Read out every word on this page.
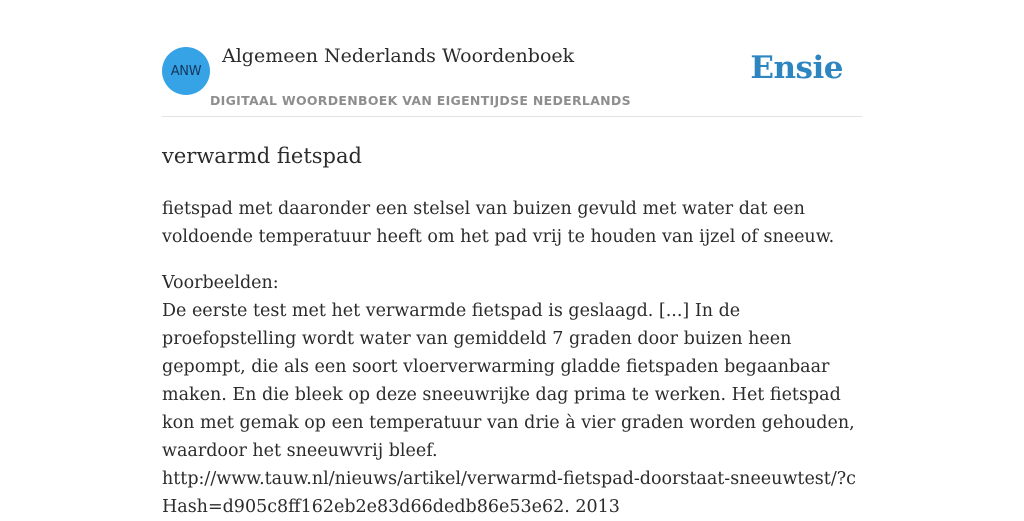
ANW
Algemeen Nederlands Woordenboek
DIGITAAL WOORDENBOEK VAN EIGENTIJDSE NEDERLANDS
Ensie
verwarmd fietspad

fietspad met daaronder een stelsel van buizen gevuld met water dat een voldoende temperatuur heeft om het pad vrij te houden van ijzel of sneeuw.

Voorbeelden:
De eerste test met het verwarmde fietspad is geslaagd. [...] In de proefopstelling wordt water van gemiddeld 7 graden door buizen heen gepompt, die als een soort vloerverwarming gladde fietspaden begaanbaar maken. En die bleek op deze sneeuwrijke dag prima te werken. Het fietspad kon met gemak op een temperatuur van drie à vier graden worden gehouden, waardoor het sneeuwvrij bleef.
http://www.tauw.nl/nieuws/artikel/verwarmd-fietspad-doorstaat-sneeuwtest/?cHash=d905c8ff162eb2e83d66dedb86e53e62. 2013
